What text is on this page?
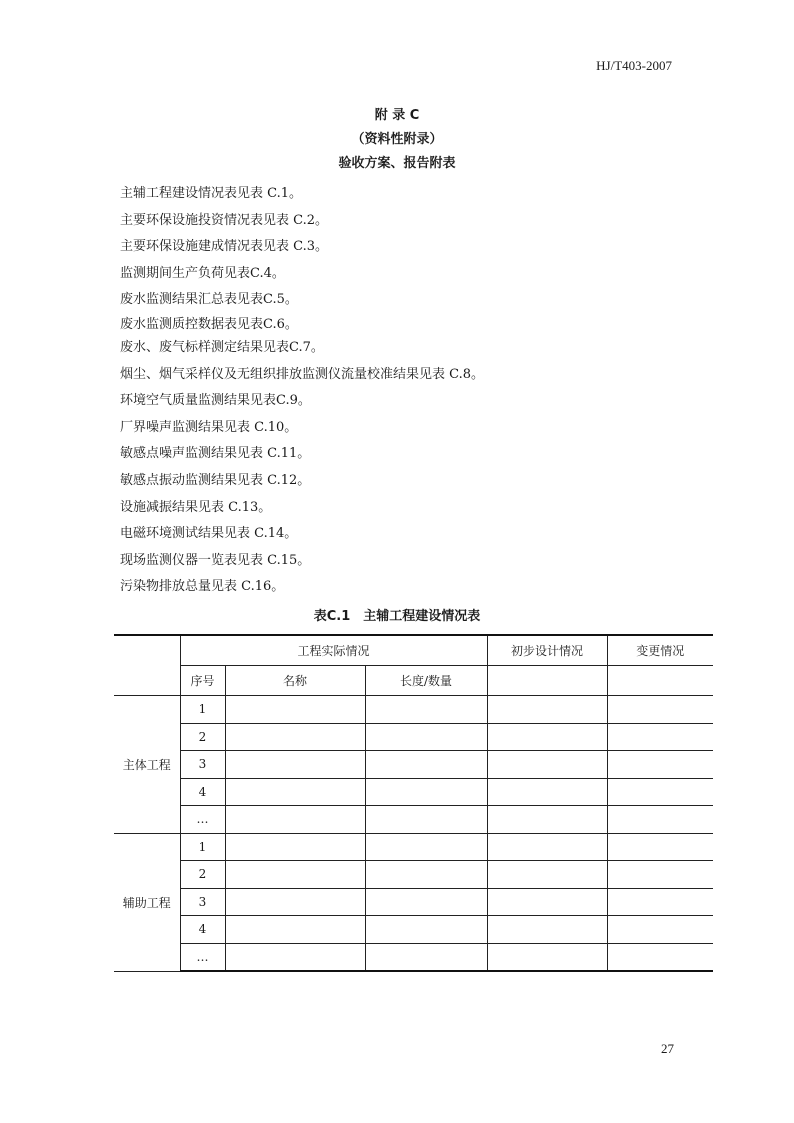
HJ/T403-2007
附 录 C
（资料性附录）
验收方案、报告附表
主辅工程建设情况表见表 C.1。
主要环保设施投资情况表见表 C.2。
主要环保设施建成情况表见表 C.3。
监测期间生产负荷见表C.4。
废水监测结果汇总表见表C.5。
废水监测质控数据表见表C.6。
废水、废气标样测定结果见表C.7。
烟尘、烟气采样仪及无组织排放监测仪流量校准结果见表 C.8。
环境空气质量监测结果见表C.9。
厂界噪声监测结果见表 C.10。
敏感点噪声监测结果见表 C.11。
敏感点振动监测结果见表 C.12。
设施减振结果见表 C.13。
电磁环境测试结果见表 C.14。
现场监测仪器一览表见表 C.15。
污染物排放总量见表 C.16。
表C.1　主辅工程建设情况表
	工程实际情况			初步设计情况	变更情况
	序号	名称	长度/数量		
主体工程	1				
	2				
	3				
	4				
	…				
辅助工程	1				
	2				
	3				
	4				
	…				
27
